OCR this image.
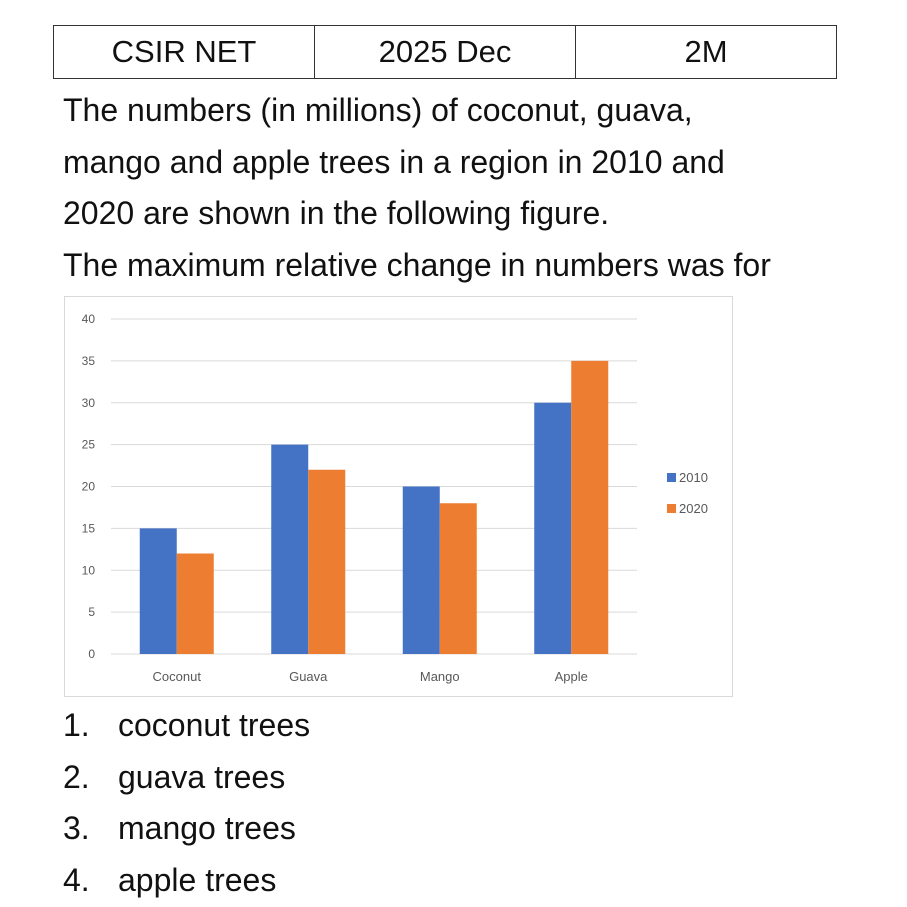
CSIR NET	2025 Dec	2M

The numbers (in millions) of coconut, guava,

mango and apple trees in a region in 2010 and

2020 are shown in the following figure.

The maximum relative change in numbers was for

0
5
10
15
20
25
30
35
40
Coconut	Guava	Mango	Apple
2010
2020
1. coconut trees
2. guava trees
3. mango trees
4. apple trees
